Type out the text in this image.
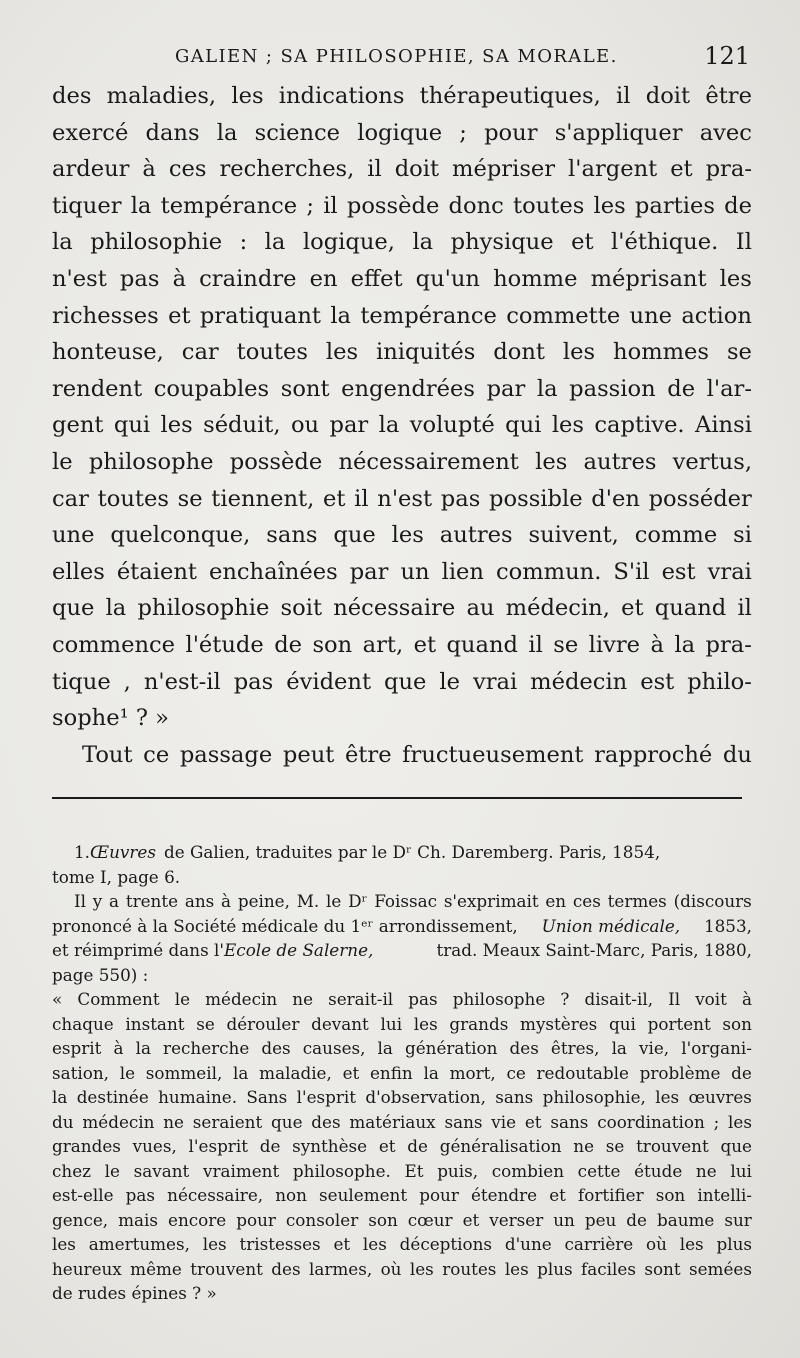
GALIEN ; SA PHILOSOPHIE, SA MORALE.	121
des maladies, les indications thérapeutiques, il doit être
exercé dans la science logique ; pour s'appliquer avec
ardeur à ces recherches, il doit mépriser l'argent et pra-
tiquer la tempérance ; il possède donc toutes les parties de
la philosophie : la logique, la physique et l'éthique. Il
n'est pas à craindre en effet qu'un homme méprisant les
richesses et pratiquant la tempérance commette une action
honteuse, car toutes les iniquités dont les hommes se
rendent coupables sont engendrées par la passion de l'ar-
gent qui les séduit, ou par la volupté qui les captive. Ainsi
le philosophe possède nécessairement les autres vertus,
car toutes se tiennent, et il n'est pas possible d'en posséder
une quelconque, sans que les autres suivent, comme si
elles étaient enchaînées par un lien commun. S'il est vrai
que la philosophie soit nécessaire au médecin, et quand il
commence l'étude de son art, et quand il se livre à la pra-
tique , n'est-il pas évident que le vrai médecin est philo-
sophe¹ ? »
Tout ce passage peut être fructueusement rapproché du
1. Œuvres de Galien, traduites par le Dʳ Ch. Daremberg. Paris, 1854,
tome I, page 6.
Il y a trente ans à peine, M. le Dʳ Foissac s'exprimait en ces termes (discours
prononcé à la Société médicale du 1ᵉʳ arrondissement, Union médicale, 1853,
et réimprimé dans l'Ecole de Salerne,	trad. Meaux Saint-Marc, Paris, 1880,
page 550) :
« Comment le médecin ne serait-il pas philosophe ? disait-il, Il voit à
chaque instant se dérouler devant lui les grands mystères qui portent son
esprit à la recherche des causes, la génération des êtres, la vie, l'organi-
sation, le sommeil, la maladie, et enfin la mort, ce redoutable problème de
la destinée humaine. Sans l'esprit d'observation, sans philosophie, les œuvres
du médecin ne seraient que des matériaux sans vie et sans coordination ; les
grandes vues, l'esprit de synthèse et de généralisation ne se trouvent que
chez le savant vraiment philosophe. Et puis, combien cette étude ne lui
est-elle pas nécessaire, non seulement pour étendre et fortifier son intelli-
gence, mais encore pour consoler son cœur et verser un peu de baume sur
les amertumes, les tristesses et les déceptions d'une carrière où les plus
heureux même trouvent des larmes, où les routes les plus faciles sont semées
de rudes épines ? »
